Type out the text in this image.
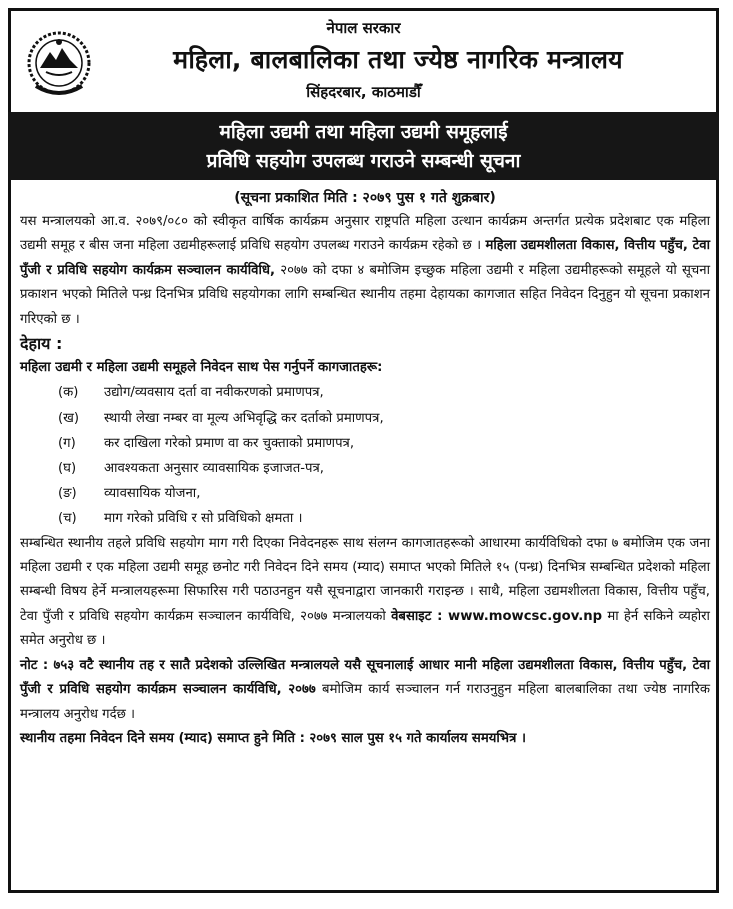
नेपाल सरकार
महिला, बालबालिका तथा ज्येष्ठ नागरिक मन्त्रालय
सिंहदरबार, काठमाडौँ
महिला उद्यमी तथा महिला उद्यमी समूहलाई
प्रविधि सहयोग उपलब्ध गराउने सम्बन्धी सूचना

(सूचना प्रकाशित मिति : २०७९ पुस १ गते शुक्रबार)

यस मन्त्रालयको आ.व. २०७९/०८० को स्वीकृत वार्षिक कार्यक्रम अनुसार राष्ट्रपति महिला उत्थान कार्यक्रम अन्तर्गत प्रत्येक प्रदेशबाट एक महिला उद्यमी समूह र बीस जना महिला उद्यमीहरूलाई प्रविधि सहयोग उपलब्ध गराउने कार्यक्रम रहेको छ । महिला उद्यमशीलता विकास, वित्तीय पहुँच, टेवा पुँजी र प्रविधि सहयोग कार्यक्रम सञ्चालन कार्यविधि, २०७७ को दफा ४ बमोजिम इच्छुक महिला उद्यमी र महिला उद्यमीहरूको समूहले यो सूचना प्रकाशन भएको मितिले पन्ध्र दिनभित्र प्रविधि सहयोगका लागि सम्बन्धित स्थानीय तहमा देहायका कागजात सहित निवेदन दिनुहुन यो सूचना प्रकाशन गरिएको छ ।

देहाय :

महिला उद्यमी र महिला उद्यमी समूहले निवेदन साथ पेस गर्नुपर्ने कागजातहरू:

(क) उद्योग/व्यवसाय दर्ता वा नवीकरणको प्रमाणपत्र,
(ख) स्थायी लेखा नम्बर वा मूल्य अभिवृद्धि कर दर्ताको प्रमाणपत्र,
(ग) कर दाखिला गरेको प्रमाण वा कर चुक्ताको प्रमाणपत्र,
(घ) आवश्यकता अनुसार व्यावसायिक इजाजत-पत्र,
(ङ) व्यावसायिक योजना,
(च) माग गरेको प्रविधि र सो प्रविधिको क्षमता ।

सम्बन्धित स्थानीय तहले प्रविधि सहयोग माग गरी दिएका निवेदनहरू साथ संलग्न कागजातहरूको आधारमा कार्यविधिको दफा ७ बमोजिम एक जना महिला उद्यमी र एक महिला उद्यमी समूह छनोट गरी निवेदन दिने समय (म्याद) समाप्त भएको मितिले १५ (पन्ध्र) दिनभित्र सम्बन्धित प्रदेशको महिला सम्बन्धी विषय हेर्ने मन्त्रालयहरूमा सिफारिस गरी पठाउनहुन यसै सूचनाद्वारा जानकारी गराइन्छ । साथै, महिला उद्यमशीलता विकास, वित्तीय पहुँच, टेवा पुँजी र प्रविधि सहयोग कार्यक्रम सञ्चालन कार्यविधि, २०७७ मन्त्रालयको वेबसाइट : www.mowcsc.gov.np मा हेर्न सकिने व्यहोरा समेत अनुरोध छ ।

नोट : ७५३ वटै स्थानीय तह र सातै प्रदेशको उल्लिखित मन्त्रालयले यसै सूचनालाई आधार मानी महिला उद्यमशीलता विकास, वित्तीय पहुँच, टेवा पुँजी र प्रविधि सहयोग कार्यक्रम सञ्चालन कार्यविधि, २०७७ बमोजिम कार्य सञ्चालन गर्न गराउनुहुन महिला बालबालिका तथा ज्येष्ठ नागरिक मन्त्रालय अनुरोध गर्दछ ।

स्थानीय तहमा निवेदन दिने समय (म्याद) समाप्त हुने मिति : २०७९ साल पुस १५ गते कार्यालय समयभित्र ।
